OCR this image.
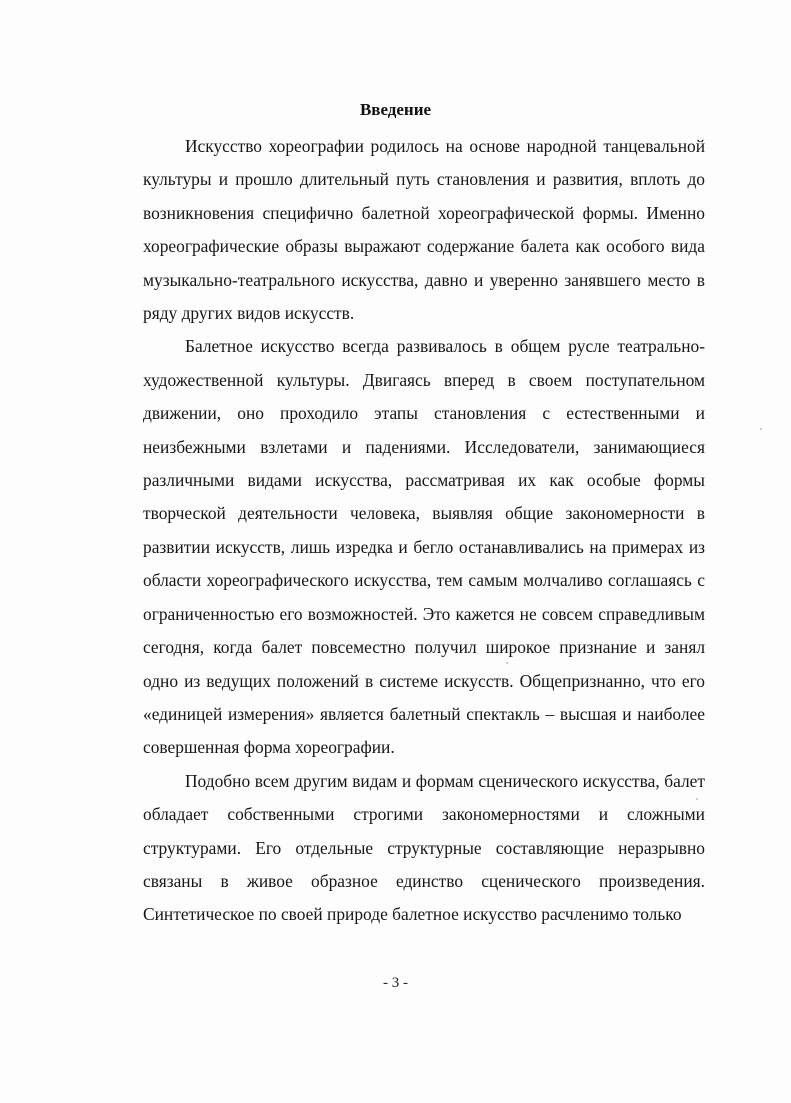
Введение

Искусство хореографии родилось на основе народной танцевальной культуры и прошло длительный путь становления и развития, вплоть до возникновения специфично балетной хореографической формы. Именно хореографические образы выражают содержание балета как особого вида музыкально-театрального искусства, давно и уверенно занявшего место в ряду других видов искусств.

Балетное искусство всегда развивалось в общем русле театрально-художественной культуры. Двигаясь вперед в своем поступательном движении, оно проходило этапы становления с естественными и неизбежными взлетами и падениями. Исследователи, занимающиеся различными видами искусства, рассматривая их как особые формы творческой деятельности человека, выявляя общие закономерности в развитии искусств, лишь изредка и бегло останавливались на примерах из области хореографического искусства, тем самым молчаливо соглашаясь с ограниченностью его возможностей. Это кажется не совсем справедливым сегодня, когда балет повсеместно получил широкое признание и занял одно из ведущих положений в системе искусств. Общепризнанно, что его «единицей измерения» является балетный спектакль – высшая и наиболее совершенная форма хореографии.

Подобно всем другим видам и формам сценического искусства, балет обладает собственными строгими закономерностями и сложными структурами. Его отдельные структурные составляющие неразрывно связаны в живое образное единство сценического произведения. Синтетическое по своей природе балетное искусство расчленимо только

- 3 -
